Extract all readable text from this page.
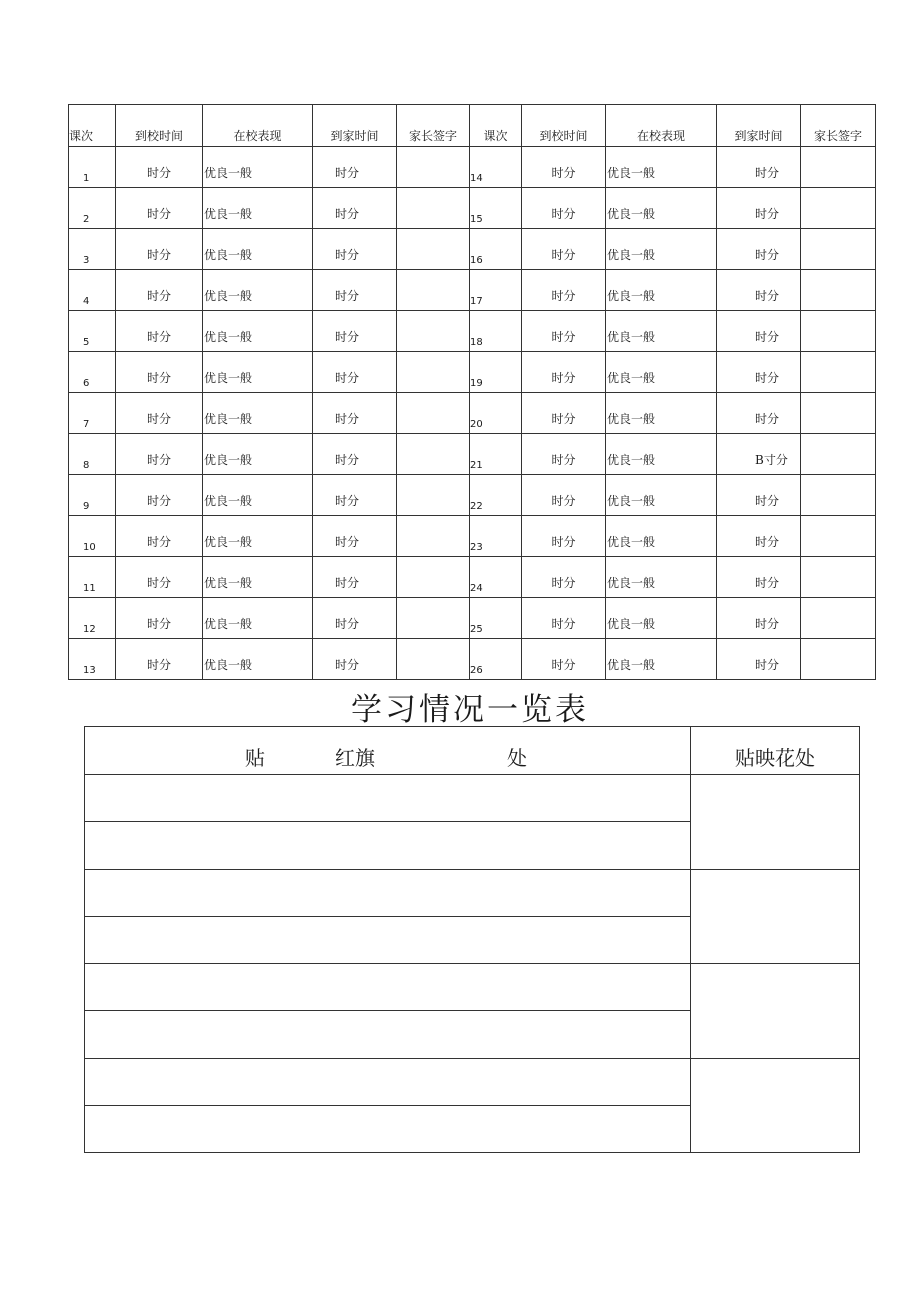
课次	到校时间	在校表现	到家时间	家长签字	课次	到校时间	在校表现	到家时间	家长签字
1	时分	优良一般	时分		14	时分	优良一般	时分	
2	时分	优良一般	时分		15	时分	优良一般	时分	
3	时分	优良一般	时分		16	时分	优良一般	时分	
4	时分	优良一般	时分		17	时分	优良一般	时分	
5	时分	优良一般	时分		18	时分	优良一般	时分	
6	时分	优良一般	时分		19	时分	优良一般	时分	
7	时分	优良一般	时分		20	时分	优良一般	时分	
8	时分	优良一般	时分		21	时分	优良一般	B寸分	
9	时分	优良一般	时分		22	时分	优良一般	时分	
10	时分	优良一般	时分		23	时分	优良一般	时分	
11	时分	优良一般	时分		24	时分	优良一般	时分	
12	时分	优良一般	时分		25	时分	优良一般	时分	
13	时分	优良一般	时分		26	时分	优良一般	时分	
学习情况一览表
贴 红旗 处	贴映花处
